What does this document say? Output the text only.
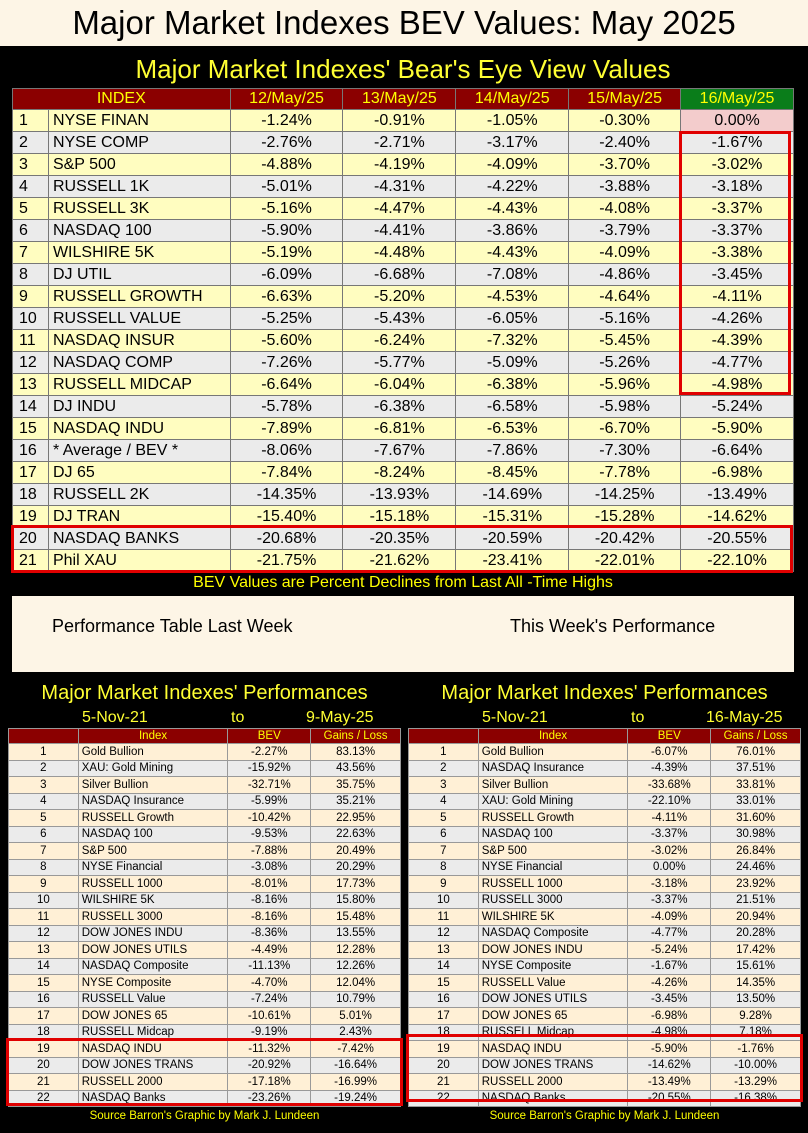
Major Market Indexes BEV Values: May 2025
Major Market Indexes' Bear's Eye View Values
INDEX		12/May/25	13/May/25	14/May/25	15/May/25	16/May/25
1	NYSE FINAN	-1.24%	-0.91%	-1.05%	-0.30%	0.00%
2	NYSE COMP	-2.76%	-2.71%	-3.17%	-2.40%	-1.67%
3	S&P 500	-4.88%	-4.19%	-4.09%	-3.70%	-3.02%
4	RUSSELL 1K	-5.01%	-4.31%	-4.22%	-3.88%	-3.18%
5	RUSSELL 3K	-5.16%	-4.47%	-4.43%	-4.08%	-3.37%
6	NASDAQ 100	-5.90%	-4.41%	-3.86%	-3.79%	-3.37%
7	WILSHIRE 5K	-5.19%	-4.48%	-4.43%	-4.09%	-3.38%
8	DJ UTIL	-6.09%	-6.68%	-7.08%	-4.86%	-3.45%
9	RUSSELL GROWTH	-6.63%	-5.20%	-4.53%	-4.64%	-4.11%
10	RUSSELL VALUE	-5.25%	-5.43%	-6.05%	-5.16%	-4.26%
11	NASDAQ INSUR	-5.60%	-6.24%	-7.32%	-5.45%	-4.39%
12	NASDAQ COMP	-7.26%	-5.77%	-5.09%	-5.26%	-4.77%
13	RUSSELL MIDCAP	-6.64%	-6.04%	-6.38%	-5.96%	-4.98%
14	DJ INDU	-5.78%	-6.38%	-6.58%	-5.98%	-5.24%
15	NASDAQ INDU	-7.89%	-6.81%	-6.53%	-6.70%	-5.90%
16	* Average / BEV *	-8.06%	-7.67%	-7.86%	-7.30%	-6.64%
17	DJ 65	-7.84%	-8.24%	-8.45%	-7.78%	-6.98%
18	RUSSELL 2K	-14.35%	-13.93%	-14.69%	-14.25%	-13.49%
19	DJ TRAN	-15.40%	-15.18%	-15.31%	-15.28%	-14.62%
20	NASDAQ BANKS	-20.68%	-20.35%	-20.59%	-20.42%	-20.55%
21	Phil XAU	-21.75%	-21.62%	-23.41%	-22.01%	-22.10%
BEV Values are Percent Declines from Last All -Time Highs
Performance Table Last Week	This Week's Performance
Major Market Indexes' Performances
5-Nov-21	to	9-May-25
	Index	BEV	Gains / Loss
1	Gold Bullion	-2.27%	83.13%
2	XAU: Gold Mining	-15.92%	43.56%
3	Silver Bullion	-32.71%	35.75%
4	NASDAQ Insurance	-5.99%	35.21%
5	RUSSELL Growth	-10.42%	22.95%
6	NASDAQ 100	-9.53%	22.63%
7	S&P 500	-7.88%	20.49%
8	NYSE Financial	-3.08%	20.29%
9	RUSSELL 1000	-8.01%	17.73%
10	WILSHIRE 5K	-8.16%	15.80%
11	RUSSELL 3000	-8.16%	15.48%
12	DOW JONES INDU	-8.36%	13.55%
13	DOW JONES UTILS	-4.49%	12.28%
14	NASDAQ Composite	-11.13%	12.26%
15	NYSE Composite	-4.70%	12.04%
16	RUSSELL Value	-7.24%	10.79%
17	DOW JONES 65	-10.61%	5.01%
18	RUSSELL Midcap	-9.19%	2.43%
19	NASDAQ INDU	-11.32%	-7.42%
20	DOW JONES TRANS	-20.92%	-16.64%
21	RUSSELL 2000	-17.18%	-16.99%
22	NASDAQ Banks	-23.26%	-19.24%
Source Barron's Graphic by Mark J. Lundeen
Major Market Indexes' Performances
5-Nov-21	to	16-May-25
	Index	BEV	Gains / Loss
1	Gold Bullion	-6.07%	76.01%
2	NASDAQ Insurance	-4.39%	37.51%
3	Silver Bullion	-33.68%	33.81%
4	XAU: Gold Mining	-22.10%	33.01%
5	RUSSELL Growth	-4.11%	31.60%
6	NASDAQ 100	-3.37%	30.98%
7	S&P 500	-3.02%	26.84%
8	NYSE Financial	0.00%	24.46%
9	RUSSELL 1000	-3.18%	23.92%
10	RUSSELL 3000	-3.37%	21.51%
11	WILSHIRE 5K	-4.09%	20.94%
12	NASDAQ Composite	-4.77%	20.28%
13	DOW JONES INDU	-5.24%	17.42%
14	NYSE Composite	-1.67%	15.61%
15	RUSSELL Value	-4.26%	14.35%
16	DOW JONES UTILS	-3.45%	13.50%
17	DOW JONES 65	-6.98%	9.28%
18	RUSSELL Midcap	-4.98%	7.18%
19	NASDAQ INDU	-5.90%	-1.76%
20	DOW JONES TRANS	-14.62%	-10.00%
21	RUSSELL 2000	-13.49%	-13.29%
22	NASDAQ Banks	-20.55%	-16.38%
Source Barron's Graphic by Mark J. Lundeen
